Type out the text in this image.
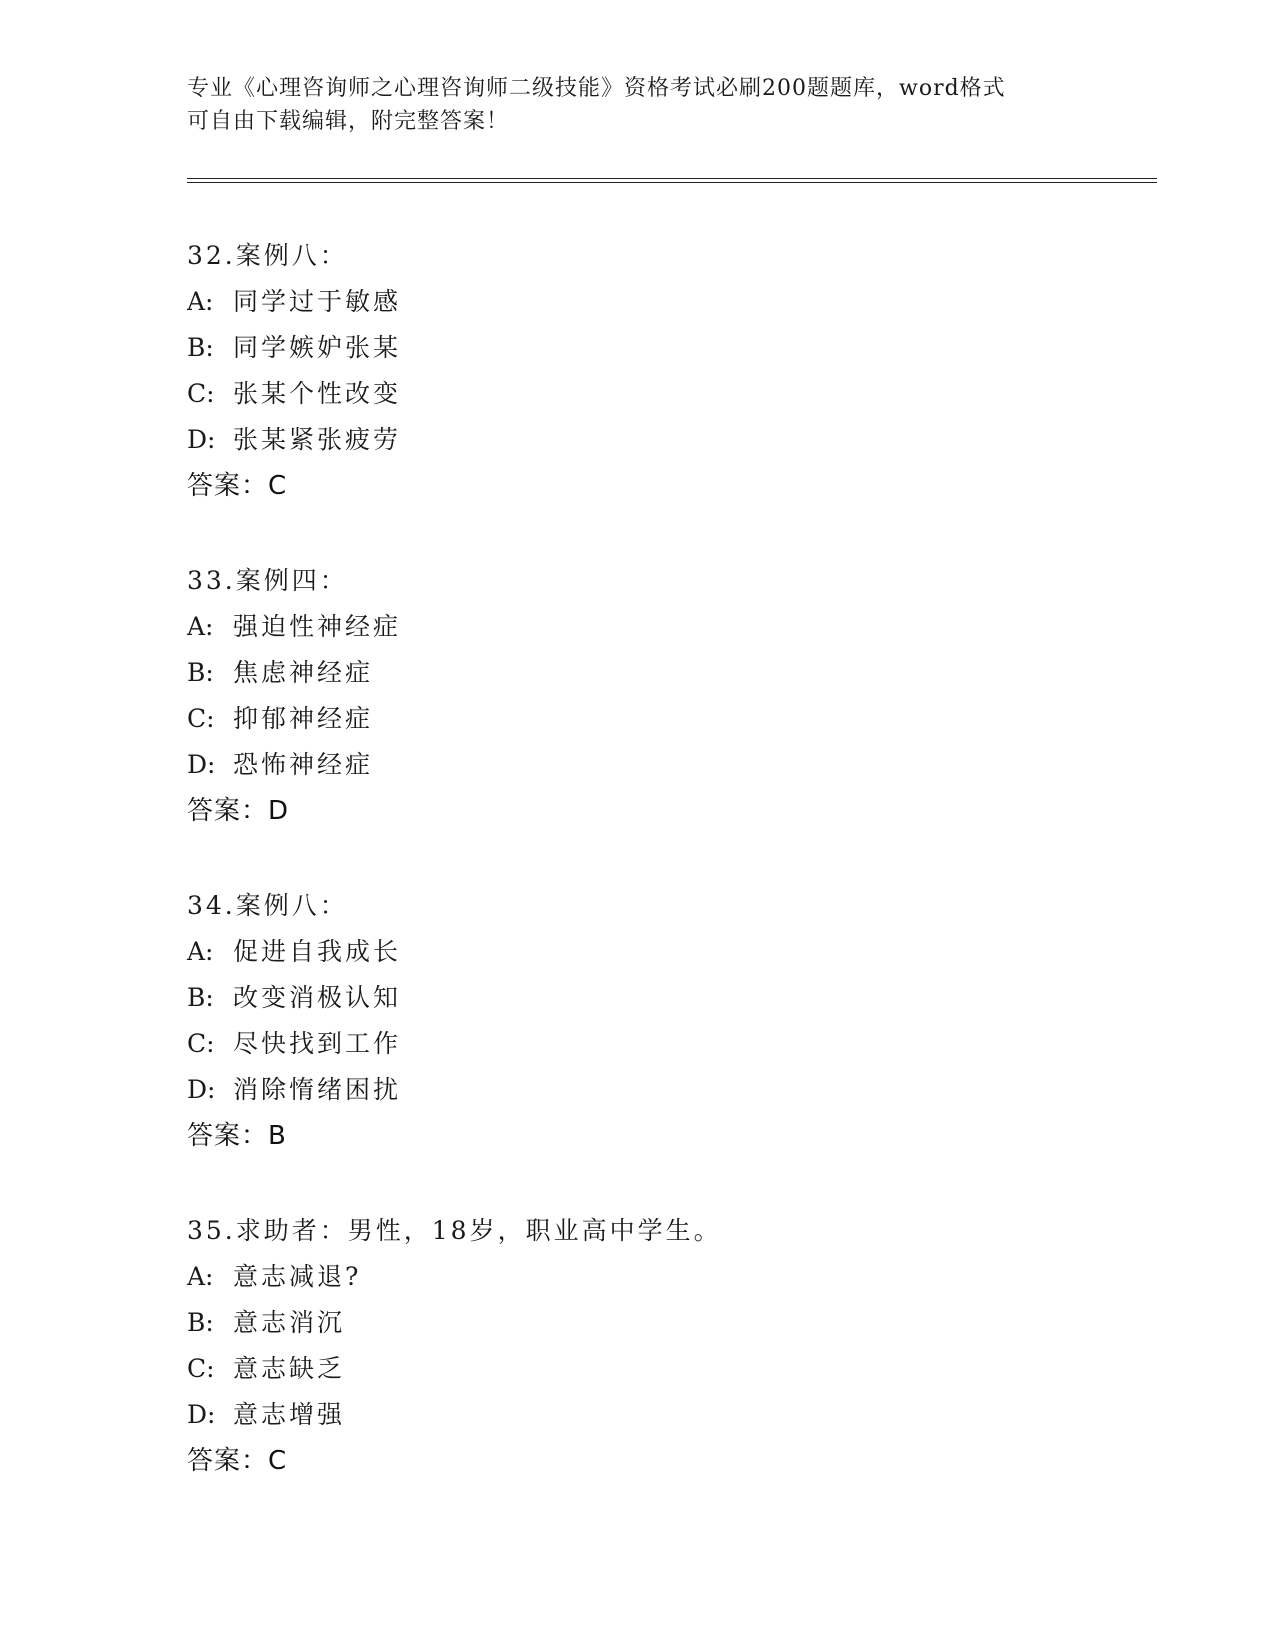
专业《心理咨询师之心理咨询师二级技能》资格考试必刷200题题库，word格式
可自由下载编辑，附完整答案！
32.案例八：
A: 同学过于敏感
B: 同学嫉妒张某
C: 张某个性改变
D: 张某紧张疲劳
答案：C
33.案例四：
A: 强迫性神经症
B: 焦虑神经症
C: 抑郁神经症
D: 恐怖神经症
答案：D
34.案例八：
A: 促进自我成长
B: 改变消极认知
C: 尽快找到工作
D: 消除惰绪困扰
答案：B
35.求助者：男性，18岁，职业高中学生。
A: 意志减退?
B: 意志消沉
C: 意志缺乏
D: 意志增强
答案：C
